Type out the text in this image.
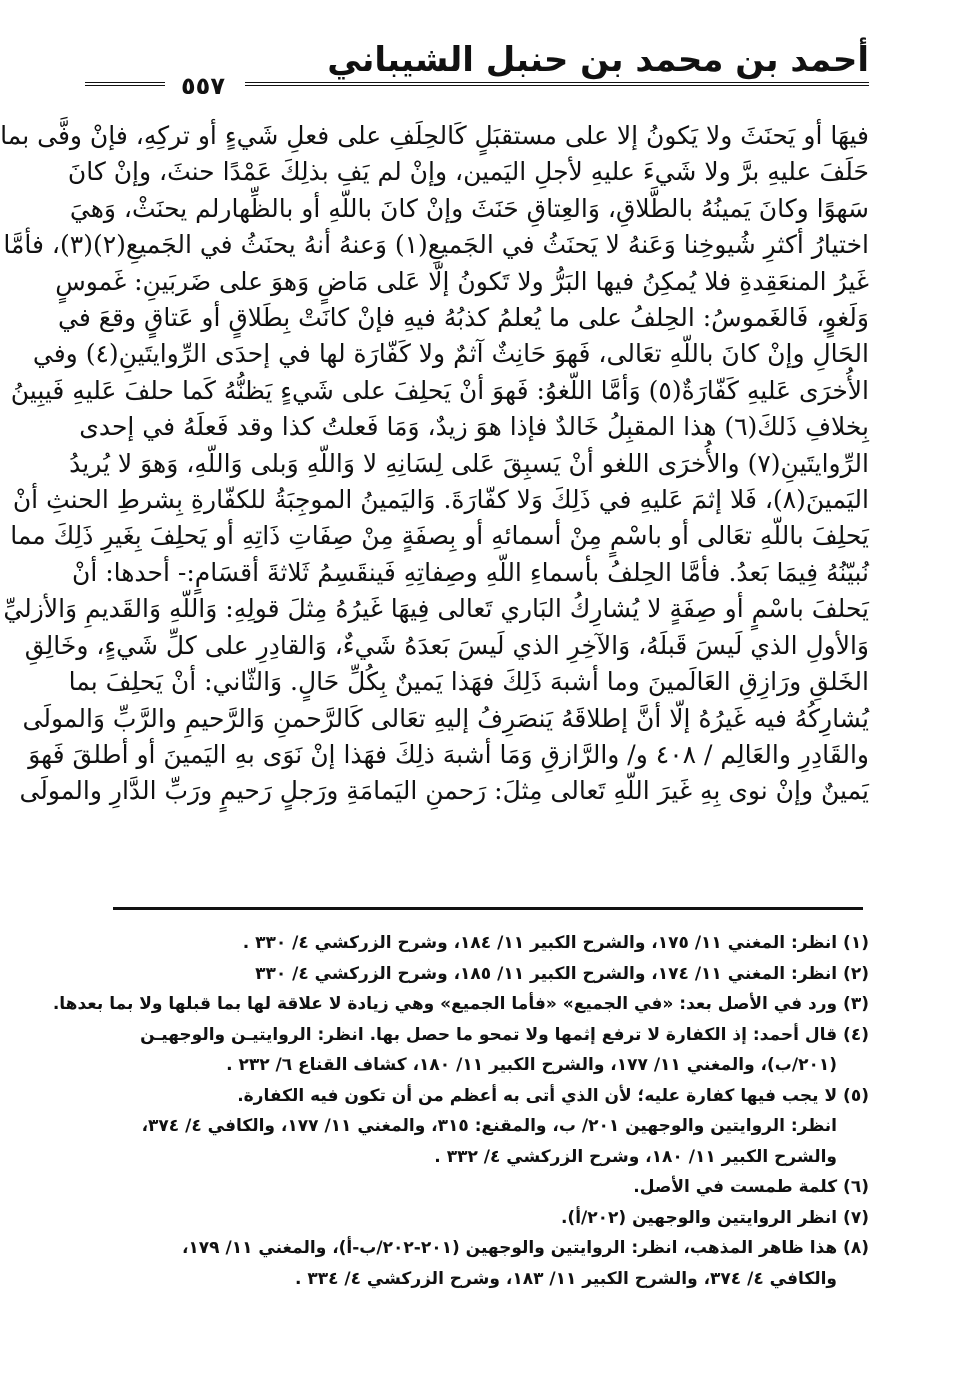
أحمد بن محمد بن حنبل الشيباني
٥٥٧
فيهَا أو يَحنَثَ ولا يَكونُ إلا على مستقبَلٍ كَالحِلَفِ على فعلِ شَيءٍ أو تركِهِ، فإنْ وفَّى بما
حَلَفَ عليهِ برَّ ولا شَيءَ عليهِ لأجلِ اليَمين، وإنْ لم يَفِ بذلِكَ عَمْدًا حنثَ، وإنْ كانَ
سَهوًا وكانَ يَمينُهُ بالطَّلاقِ، وَالعِتاقِ حَنَثَ وإنْ كانَ باللّهِ أو بالظِّهارلم يحنَثْ، وَهيَ
اختيارُ أكثرِ شُيوخِنا وَعَنهُ لا يَحنَثُ في الجَميعِ(١) وَعنهُ أنهُ يحنَثُ في الجَميعِ(٢)(٣)، فأمَّا
غَيرُ المنعَقِدةِ فلا يُمكِنُ فيها البَرُّ ولا تَكونُ إلّا عَلى مَاضٍ وَهوَ على ضَربَينِ: غَموسٍ
وَلَغوٍ، فَالغَموسُ: الحِلفُ على ما يُعلمُ كذبُهُ فيهِ فإنْ كانَتْ بِطَلاقٍ أو عَتاقٍ وقعَ في
الحَالِ وإنْ كانَ باللّهِ تعَالى، فَهوَ حَانِثٌ آثمٌ ولا كَفّارَة لها في إحدَى الرِّوايتَينِ(٤) وفي
الأُخرَى عَليهِ كَفّارَةٌ(٥) وَأمَّا اللّغوُ: فَهوَ أنْ يَحلِفَ على شَيءٍ يَظنُّهُ كَما حلفَ عَليهِ فَيبِينُ
بِخلافِ ذَلكَ(٦) هذا المقبِلُ خَالدٌ فإذا هوَ زيدٌ، وَمَا فَعلتُ كذا وقد فَعلَهُ في إحدى
الرِّوايتَينِ(٧) والأُخرَى اللغو أنْ يَسبِقَ عَلى لِسَانِهِ لا وَاللّهِ وَبلى وَاللّهِ، وَهوَ لا يُريدُ
اليَمينَ(٨)، فَلا إثمَ عَليهِ في ذَلِكَ وَلا كفّارَةَ. وَاليَمينُ الموجِبَةُ للكفّارةِ بِشرطِ الحنثِ أنْ
يَحلِفَ باللّهِ تعَالى أو باسْمٍ مِنْ أسمائهِ أو بِصفَةٍ مِنْ صِفَاتِ ذَاتِهِ أو يَحلِفَ بِغَيرِ ذَلِكَ مما
نُبيّنُهُ فِيمَا بَعدُ. فأمَّا الحِلفُ بأسماءِ اللّهِ وصِفاتِهِ فَينقَسِمُ ثَلاثةَ أقسَامٍ:- أحدها: أنْ
يَحلفَ باسْمٍ أو صِفَةٍ لا يُشارِكُ البَاري تَعالى فِيهَا غَيرُهُ مِثلَ قولِهِ: وَاللّهِ وَالقَديمِ وَالأزليِّ
وَالأولِ الذي لَيسَ قَبلَهُ، وَالآخِرِ الذي لَيسَ بَعدَهُ شَيءٌ، وَالقادِرِ على كلِّ شَيءٍ، وخَالِقِ
الخَلقِ ورَازِقِ العَالَمينَ وما أشبهَ ذَلِكَ فهَذا يَمينٌ بِكُلِّ حَالٍ. وَالثّاني: أنْ يَحلِفَ بما
يُشارِكُهُ فيه غَيرُهُ إلّا أنَّ إطلاقَهُ يَنصَرِفُ إليهِ تعَالى كَالرَّحمنِ وَالرَّحيمِ والرَّبِّ وَالمولَى
والقَادِرِ والعَالِم / ٤٠٨ و/ والرَّازقِ وَمَا أشبهَ ذلِكَ فهَذا إنْ نَوَى بهِ اليَمينَ أو أطلقَ فَهوَ
يَمينٌ وإنْ نوى بِهِ غَيرَ اللّهِ تَعالى مِثلَ: رَحمنِ اليَمامَةِ ورَجلٍ رَحيمٍ ورَبِّ الدَّارِ والمولَى
(١) انظر: المغني ١١/ ١٧٥، والشرح الكبير ١١/ ١٨٤، وشرح الزركشي ٤/ ٣٣٠ .
(٢) انظر: المغني ١١/ ١٧٤، والشرح الكبير ١١/ ١٨٥، وشرح الزركشي ٤/ ٣٣٠
(٣) ورد في الأصل بعد: «في الجميع» «فأما الجميع» وهي زيادة لا علاقة لها بما قبلها ولا بما بعدها.
(٤) قال أحمد: إذ الكفارة لا ترفع إثمها ولا تمحو ما حصل بها. انظر: الروايتيـن والوجهيـن
(٢٠١/ب)، والمغني ١١/ ١٧٧، والشرح الكبير ١١/ ١٨٠، كشاف القناع ٦/ ٢٣٢ .
(٥) لا يجب فيها كفارة عليه؛ لأن الذي أتى به أعظم من أن تكون فيه الكفارة.
انظر: الروايتين والوجهين ٢٠١/ ب، والمقنع: ٣١٥، والمغني ١١/ ١٧٧، والكافي ٤/ ٣٧٤،
والشرح الكبير ١١/ ١٨٠، وشرح الزركشي ٤/ ٣٣٢ .
(٦) كلمة طمست في الأصل.
(٧) انظر الروايتين والوجهين (٢٠٢/أ).
(٨) هذا ظاهر المذهب، انظر: الروايتين والوجهين (٢٠١-٢٠٢/ب-أ)، والمغني ١١/ ١٧٩،
والكافي ٤/ ٣٧٤، والشرح الكبير ١١/ ١٨٣، وشرح الزركشي ٤/ ٣٣٤ .
